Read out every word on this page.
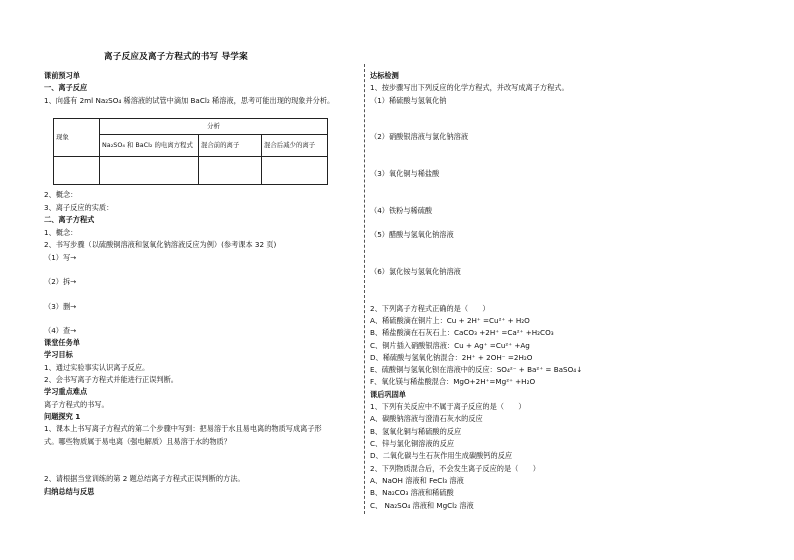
离子反应及离子方程式的书写 导学案
课前预习单
一、离子反应
1、向盛有 2ml Na₂SO₄ 稀溶液的试管中滴加 BaCl₂ 稀溶液，思考可能出现的现象并分析。
现象	分析		
	Na₂SO₄ 和 BaCl₂ 的电离方程式	混合前的离子	混合后减少的离子

2、概念：
3、离子反应的实质：
二、离子方程式
1、概念：
2、书写步骤（以硫酸铜溶液和氢氧化钠溶液反应为例）(参考课本 32 页)
（1）写→
（2）拆→
（3）删→
（4）查→
课堂任务单
学习目标
1、通过实验事实认识离子反应。
2、会书写离子方程式并能进行正误判断。
学习重点难点
离子方程式的书写。
问题探究 1
1、课本上书写离子方程式的第二个步骤中写到：把易溶于水且易电离的物质写成离子形
式。哪些物质属于易电离（强电解质）且易溶于水的物质？
2、请根据当堂训练的第 2 题总结离子方程式正误判断的方法。
归纳总结与反思
达标检测
1、按步骤写出下列反应的化学方程式，并改写成离子方程式。
（1）稀硫酸与氢氧化钠
（2）硝酸银溶液与氯化钠溶液
（3）氧化铜与稀盐酸
（4）铁粉与稀硫酸
（5）醋酸与氢氧化钠溶液
（6）氯化铵与氢氧化钠溶液
2、下列离子方程式正确的是（　　）
A、稀硫酸滴在铜片上：Cu + 2H⁺ =Cu²⁺ + H₂O
B、稀盐酸滴在石灰石上：CaCO₃ +2H⁺ =Ca²⁺ +H₂CO₃
C、铜片插入硝酸银溶液：Cu + Ag⁺ =Cu²⁺ +Ag
D、稀硫酸与氢氧化钠混合：2H⁺ + 2OH⁻ =2H₂O
E、硫酸铜与氢氧化钡在溶液中的反应：SO₄²⁻ + Ba²⁺ = BaSO₄↓
F、氧化镁与稀盐酸混合：MgO+2H⁺=Mg²⁺ +H₂O
课后巩固单
1、下列有关反应中不属于离子反应的是（　　）
A、碳酸钠溶液与澄清石灰水的反应
B、氢氧化铜与稀硫酸的反应
C、锌与氯化铜溶液的反应
D、二氧化碳与生石灰作用生成碳酸钙的反应
2、下列物质混合后，不会发生离子反应的是（　　）
A、NaOH 溶液和 FeCl₃ 溶液
B、Na₂CO₃ 溶液和稀硫酸
C、 Na₂SO₄ 溶液和 MgCl₂ 溶液
